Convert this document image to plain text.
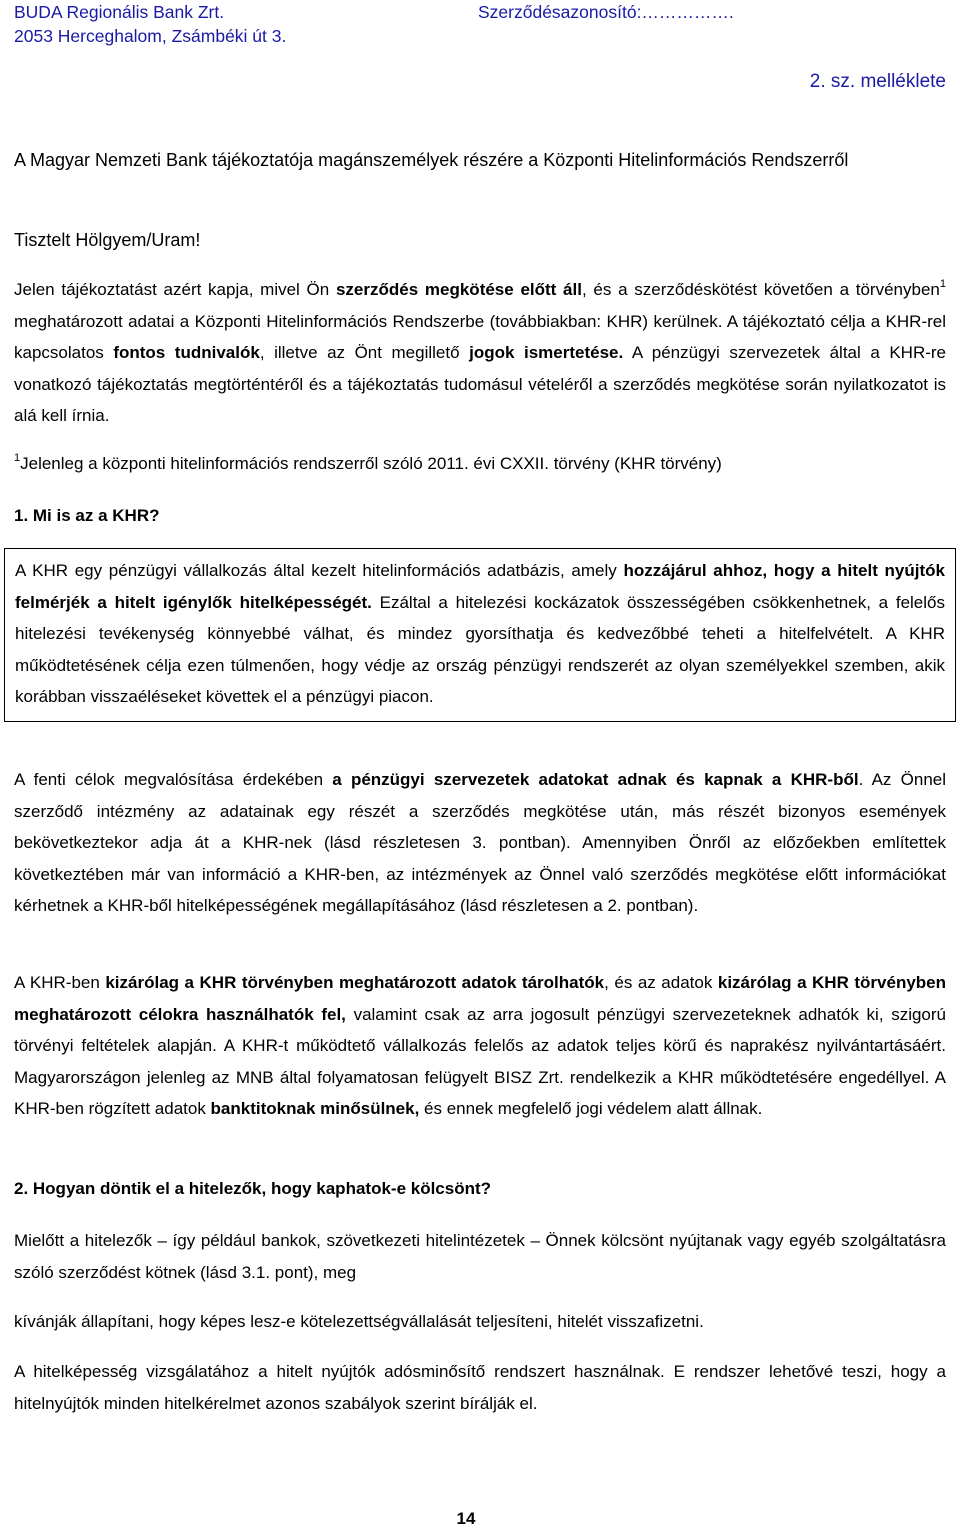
BUDA Regionális Bank Zrt.
2053 Herceghalom, Zsámbéki út 3.
Szerződésazonosító:…………….
2. sz. melléklete
A Magyar Nemzeti Bank tájékoztatója magánszemélyek részére a Központi Hitelinformációs Rendszerről
Tisztelt Hölgyem/Uram!
Jelen tájékoztatást azért kapja, mivel Ön szerződés megkötése előtt áll, és a szerződéskötést követően a törvényben$^1$ meghatározott adatai a Központi Hitelinformációs Rendszerbe (továbbiakban: KHR) kerülnek. A tájékoztató célja a KHR-rel kapcsolatos fontos tudnivalók, illetve az Önt megillető jogok ismertetése. A pénzügyi szervezetek által a KHR-re vonatkozó tájékoztatás megtörténtéről és a tájékoztatás tudomásul vételéről a szerződés megkötése során nyilatkozatot is alá kell írnia.
$^1$Jelenleg a központi hitelinformációs rendszerről szóló 2011. évi CXXII. törvény (KHR törvény)
1. Mi is az a KHR?
A KHR egy pénzügyi vállalkozás által kezelt hitelinformációs adatbázis, amely hozzájárul ahhoz, hogy a hitelt nyújtók felmérjék a hitelt igénylők hitelképességét. Ezáltal a hitelezési kockázatok összességében csökkenhetnek, a felelős hitelezési tevékenység könnyebbé válhat, és mindez gyorsíthatja és kedvezőbbé teheti a hitelfelvételt. A KHR működtetésének célja ezen túlmenően, hogy védje az ország pénzügyi rendszerét az olyan személyekkel szemben, akik korábban visszaéléseket követtek el a pénzügyi piacon.
A fenti célok megvalósítása érdekében a pénzügyi szervezetek adatokat adnak és kapnak a KHR-ből. Az Önnel szerződő intézmény az adatainak egy részét a szerződés megkötése után, más részét bizonyos események bekövetkeztekor adja át a KHR-nek (lásd részletesen 3. pontban). Amennyiben Önről az előzőekben említettek következtében már van információ a KHR-ben, az intézmények az Önnel való szerződés megkötése előtt információkat kérhetnek a KHR-ből hitelképességének megállapításához (lásd részletesen a 2. pontban).
A KHR-ben kizárólag a KHR törvényben meghatározott adatok tárolhatók, és az adatok kizárólag a KHR törvényben meghatározott célokra használhatók fel, valamint csak az arra jogosult pénzügyi szervezeteknek adhatók ki, szigorú törvényi feltételek alapján. A KHR-t működtető vállalkozás felelős az adatok teljes körű és naprakész nyilvántartásáért. Magyarországon jelenleg az MNB által folyamatosan felügyelt BISZ Zrt. rendelkezik a KHR működtetésére engedéllyel. A KHR-ben rögzített adatok banktitoknak minősülnek, és ennek megfelelő jogi védelem alatt állnak.
2. Hogyan döntik el a hitelezők, hogy kaphatok-e kölcsönt?
Mielőtt a hitelezők – így például bankok, szövetkezeti hitelintézetek – Önnek kölcsönt nyújtanak vagy egyéb szolgáltatásra szóló szerződést kötnek (lásd 3.1. pont), meg
kívánják állapítani, hogy képes lesz-e kötelezettségvállalását teljesíteni, hitelét visszafizetni.
A hitelképesség vizsgálatához a hitelt nyújtók adósminősítő rendszert használnak. E rendszer lehetővé teszi, hogy a hitelnyújtók minden hitelkérelmet azonos szabályok szerint bírálják el.
14
